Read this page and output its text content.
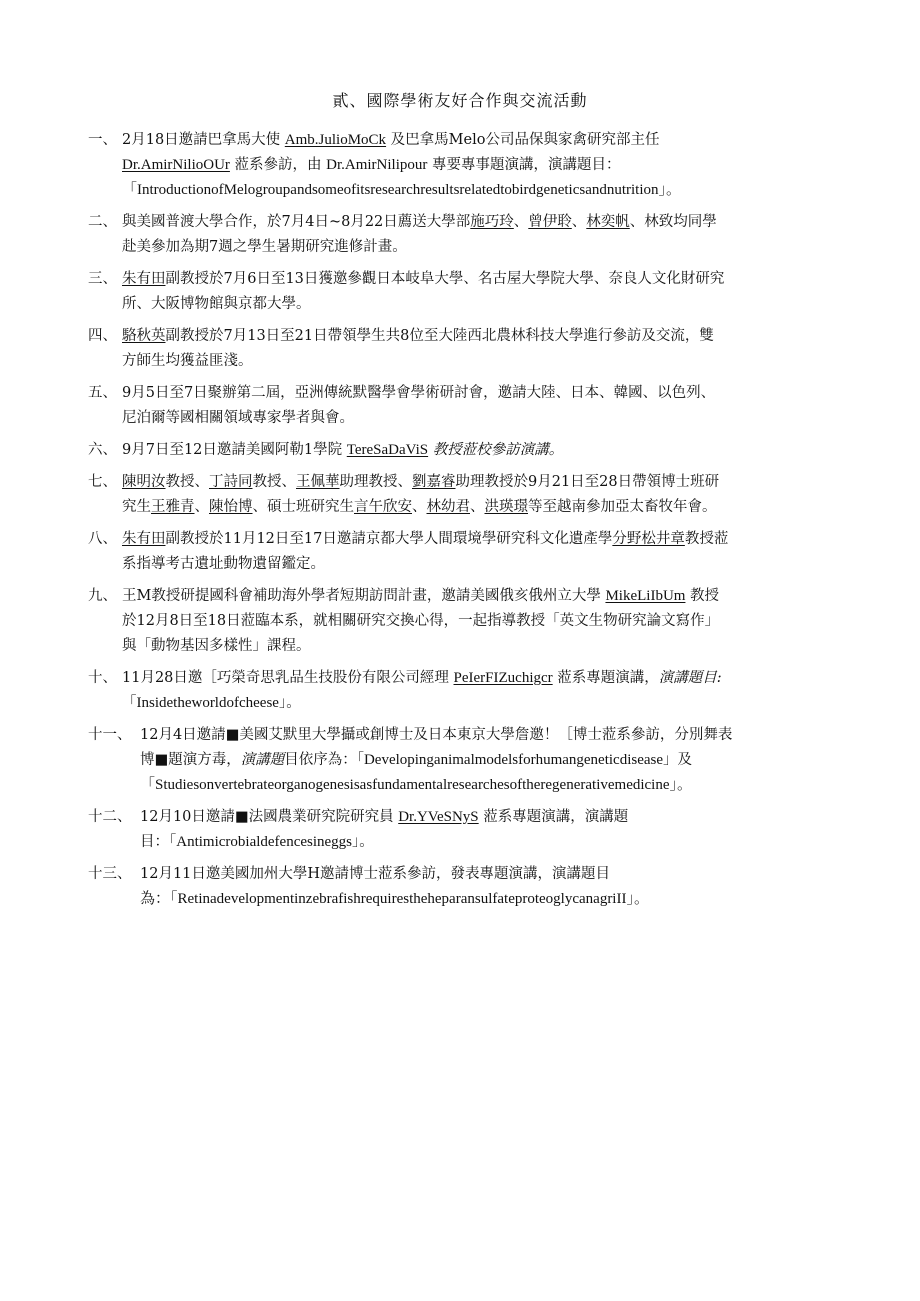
貳、國際學術友好合作與交流活動
一、 2月18日邀請巴拿馬大使 Amb.JulioMoCk 及巴拿馬Melo公司品保與家禽研究部主任
Dr.AmirNilioOUr 蒞系參訪，由 Dr.AmirNilipour 專要專事題演講，演講題目：
「IntroductionofMelogroupandsomeofitsresearchresultsrelatedtobirdgeneticsandnutrition」。
二、 與美國普渡大學合作，於7月4日~8月22日薦送大學部施巧玲、曾伊聆、林奕帆、林致均同學
赴美參加為期7週之學生暑期研究進修計畫。
三、 朱有田副教授於7月6日至13日獲邀參觀日本岐阜大學、名古屋大學院大學、奈良人文化財研究
所、大阪博物館與京都大學。
四、 駱秋英副教授於7月13日至21日帶領學生共8位至大陸西北農林科技大學進行參訪及交流，雙
方師生均獲益匪淺。
五、 9月5日至7日聚辦第二屆，亞洲傳統默醫學會學術研討會，邀請大陸、日本、韓國、以色列、
尼泊爾等國相關領域專家學者與會。
六、 9月7日至12日邀請美國阿勒1學院 TereSaDaViS 教授蒞校參訪演講。
七、 陳明汝教授、丁詩同教授、王佩華助理教授、劉嘉睿助理教授於9月21日至28日帶領博士班研
究生王雅青、陳怡博、碩士班研究生言午欣安、林幼君、洪瑛璟等至越南參加亞太畜牧年會。
八、 朱有田副教授於11月12日至17日邀請京都大學人間環境學研究科文化遺產學分野松井章教授蒞
系指導考古遺址動物遺留鑑定。
九、 王M教授研提國科會補助海外學者短期訪問計畫，邀請美國俄亥俄州立大學 MikeLiIbUm 教授
於12月8日至18日蒞臨本系，就相關研究交換心得，一起指導教授「英文生物研究論文寫作」
與「動物基因多樣性」課程。
十、 11月28日邀［巧榮奇思乳品生技股份有限公司經理 PeIerFIZuchigcr 蒞系專題演講，演講題目:
「Insidetheworldofcheese」。
十一、 12月4日邀請■美國艾默里大學攝或創博士及日本東京大學詹邀！［博士蒞系參訪，分別舞表
博■題演方毒，演講題目依序為：「Developinganimalmodelsforhumangeneticdisease」及
「Studiesonvertebrateorganogenesisasfundamentalresearchesoftheregenerativemedicine」。
十二、 12月10日邀請■法國農業研究院研究員 Dr.YVeSNyS 蒞系專題演講，演講題
目：「Antimicrobialdefencesineggs」。
十三、 12月11日邀美國加州大學H邀請博士蒞系參訪，發表專題演講，演講題目
為：「RetinadevelopmentinzebrafishrequirestheheparansulfateproteoglycanagriII」。
